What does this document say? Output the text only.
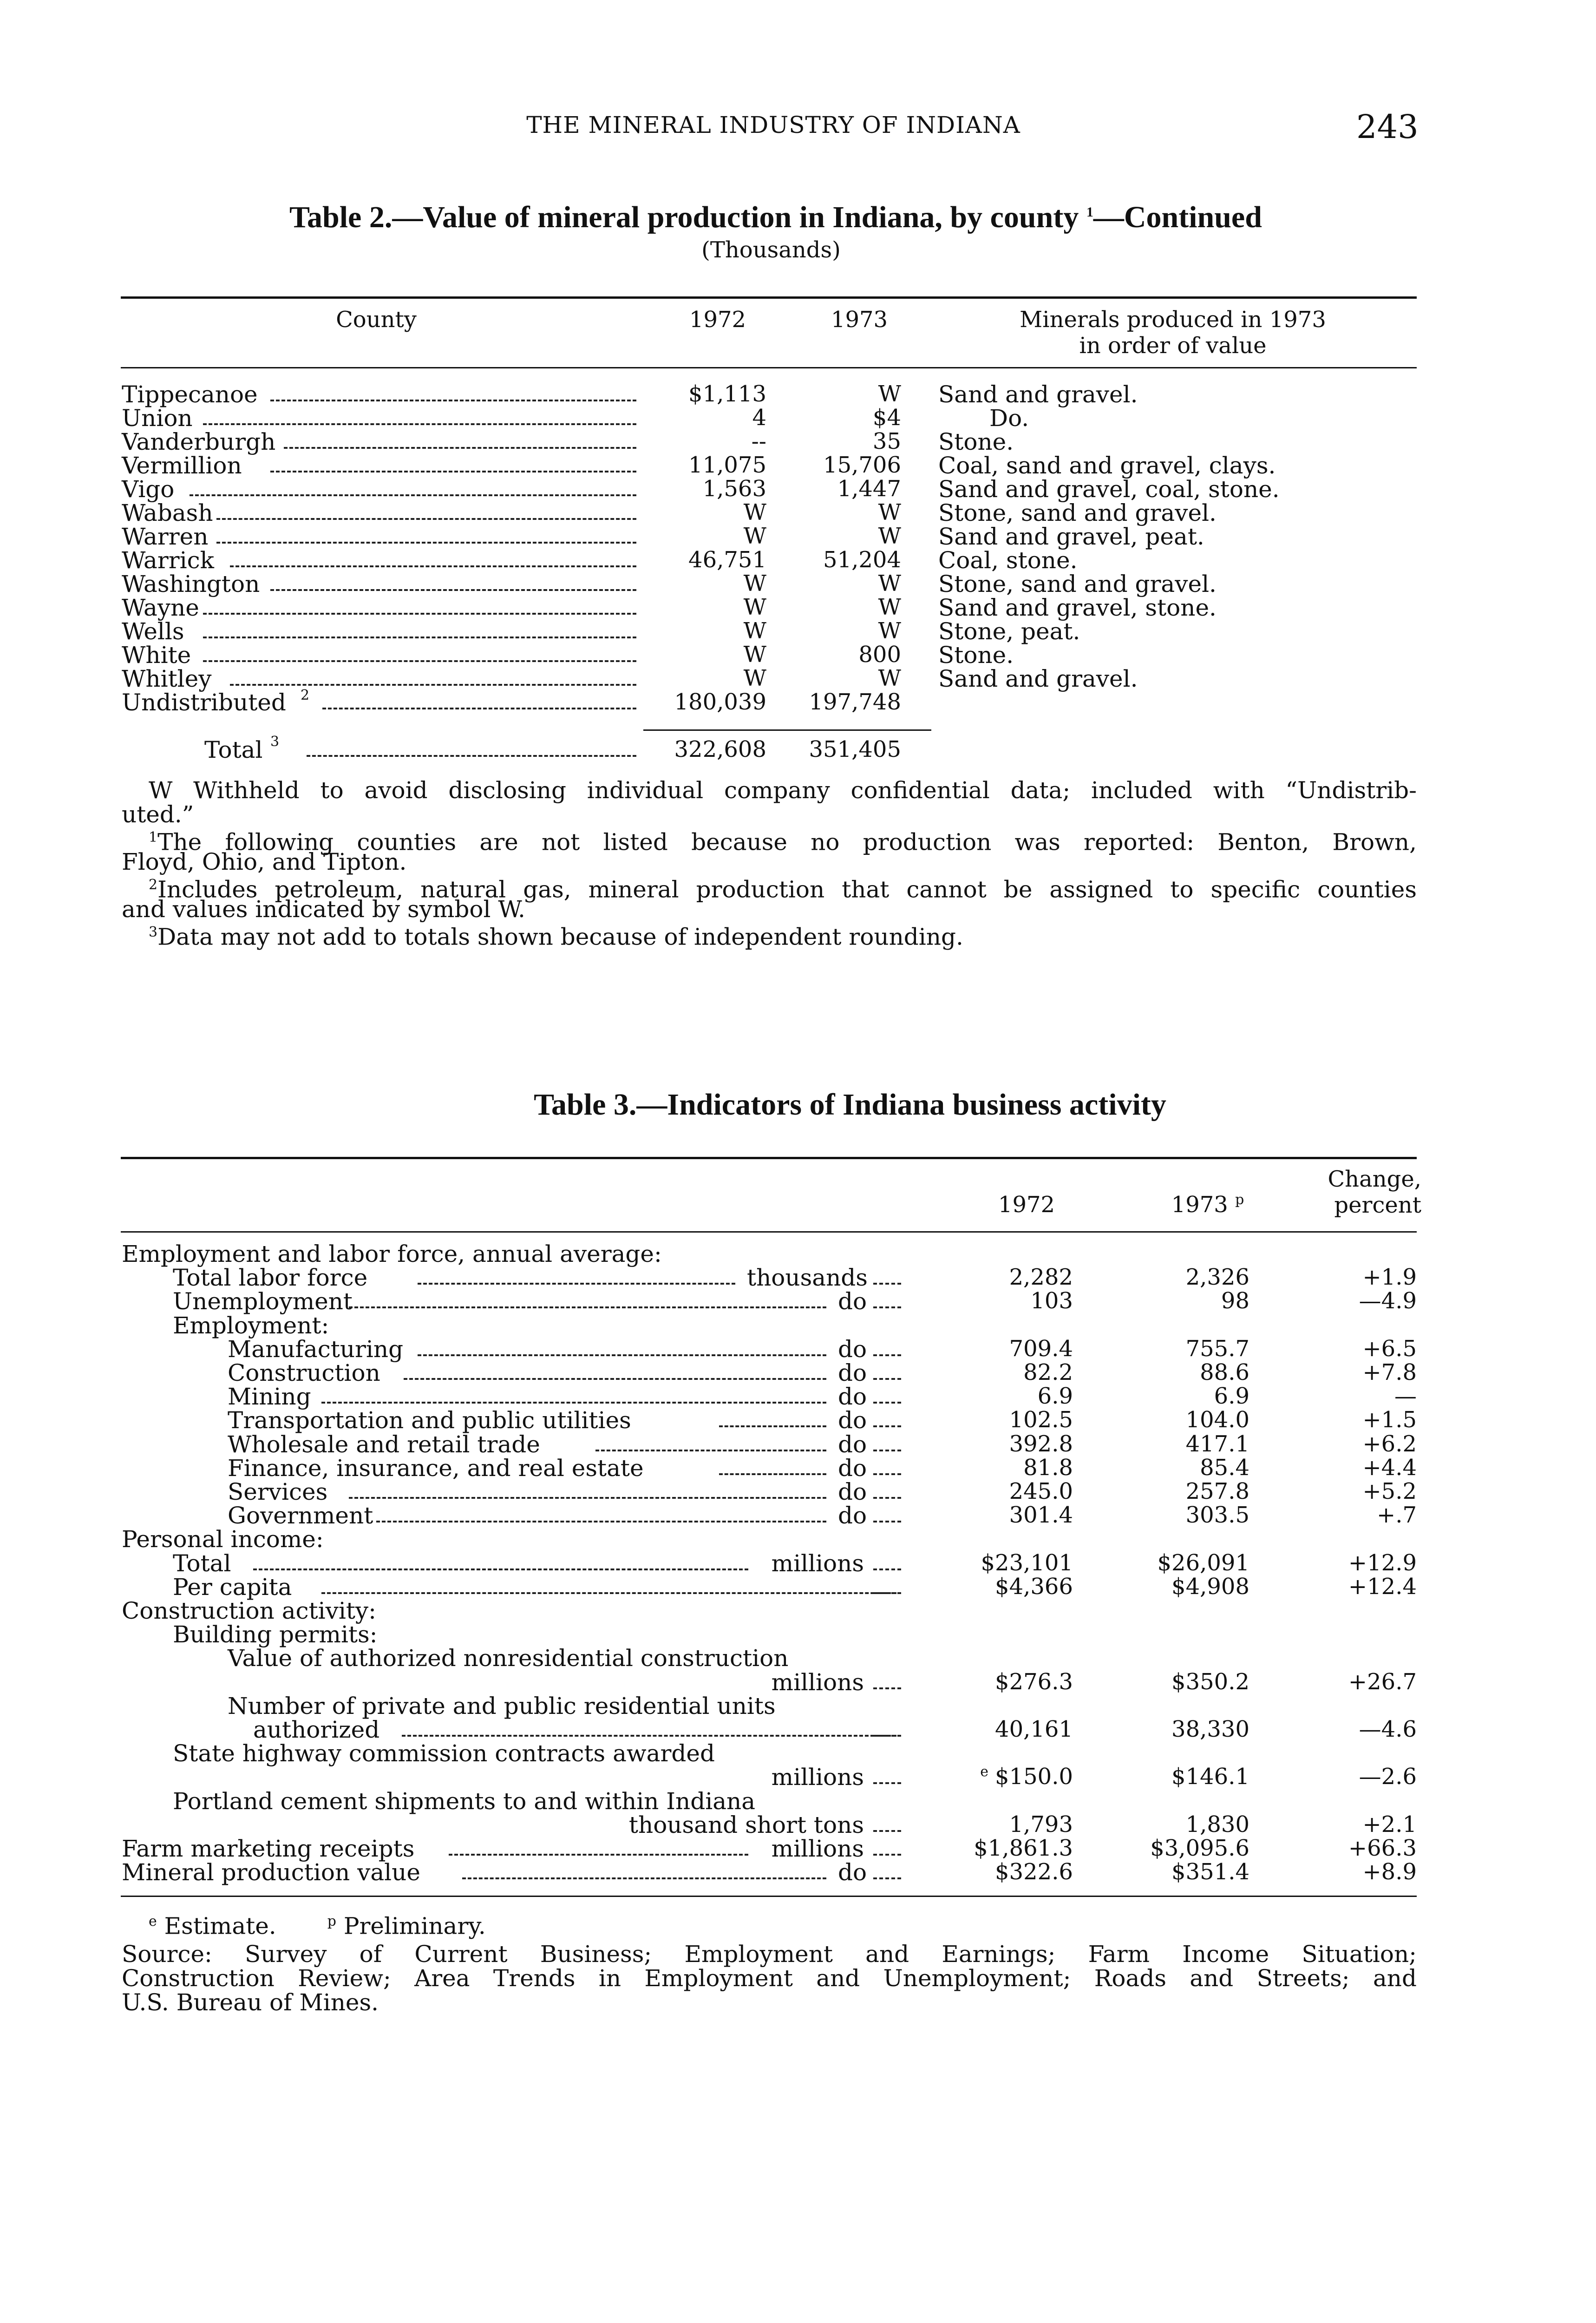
THE MINERAL INDUSTRY OF INDIANA	243
Table 2.—Value of mineral production in Indiana, by county $^1$—Continued
(Thousands)
County	1972	1973	Minerals produced in 1973
in order of value
Tippecanoe	$1,113	W Sand and gravel.
Union	4	$4	Do.
Vanderburgh	--	35 Stone.
Vermillion	11,075	15,706 Coal, sand and gravel, clays.
Vigo	1,563	1,447 Sand and gravel, coal, stone.
Wabash	W	W Stone, sand and gravel.
Warren	W	W Sand and gravel, peat.
Warrick	46,751	51,204 Coal, stone.
Washington	W	W Stone, sand and gravel.
Wayne	W	W Sand and gravel, stone.
Wells	W	W Stone, peat.
White	W	800 Stone.
Whitley	W	W Sand and gravel.
Undistributed 2	180,039	197,748
Total 3	322,608	351,405
W Withheld to avoid disclosing individual company confidential data; included with “Undistrib-
uted.”
$^1$The following counties are not listed because no production was reported: Benton, Brown,
Floyd, Ohio, and Tipton.
$^2$Includes petroleum, natural gas, mineral production that cannot be assigned to specific counties
and values indicated by symbol W.
$^3$Data may not add to totals shown because of independent rounding.
Table 3.—Indicators of Indiana business activity
1972	1973 $^p$
Change,
percent
Employment and labor force, annual average:
Total labor force	thousands	2,282	2,326	+1.9
Unemployment	do	103	98	—4.9
Employment:
Manufacturing	do	709.4	755.7	+6.5
Construction	do	82.2	88.6	+7.8
Mining	do	6.9	6.9	—
Transportation and public utilities	do	102.5	104.0	+1.5
Wholesale and retail trade	do	392.8	417.1	+6.2
Finance, insurance, and real estate	do	81.8	85.4	+4.4
Services	do	245.0	257.8	+5.2
Government	do	301.4	303.5	+.7
Personal income:
Total	millions	$23,101	$26,091	+12.9
Per capita	$4,366	$4,908	+12.4
Construction activity:
Building permits:
Value of authorized nonresidential construction
millions	$276.3	$350.2	+26.7
Number of private and public residential units
authorized	40,161	38,330	—4.6
State highway commission contracts awarded
millions	$^e$ $150.0	$146.1	—2.6
Portland cement shipments to and within Indiana
thousand short tons	1,793	1,830	+2.1
Farm marketing receipts	millions	$1,861.3	$3,095.6	+66.3
Mineral production value	do	$322.6	$351.4	+8.9
$^e$ Estimate.	$^p$ Preliminary.
Source: Survey of Current Business; Employment and Earnings; Farm Income Situation;
Construction Review; Area Trends in Employment and Unemployment; Roads and Streets; and
U.S. Bureau of Mines.
